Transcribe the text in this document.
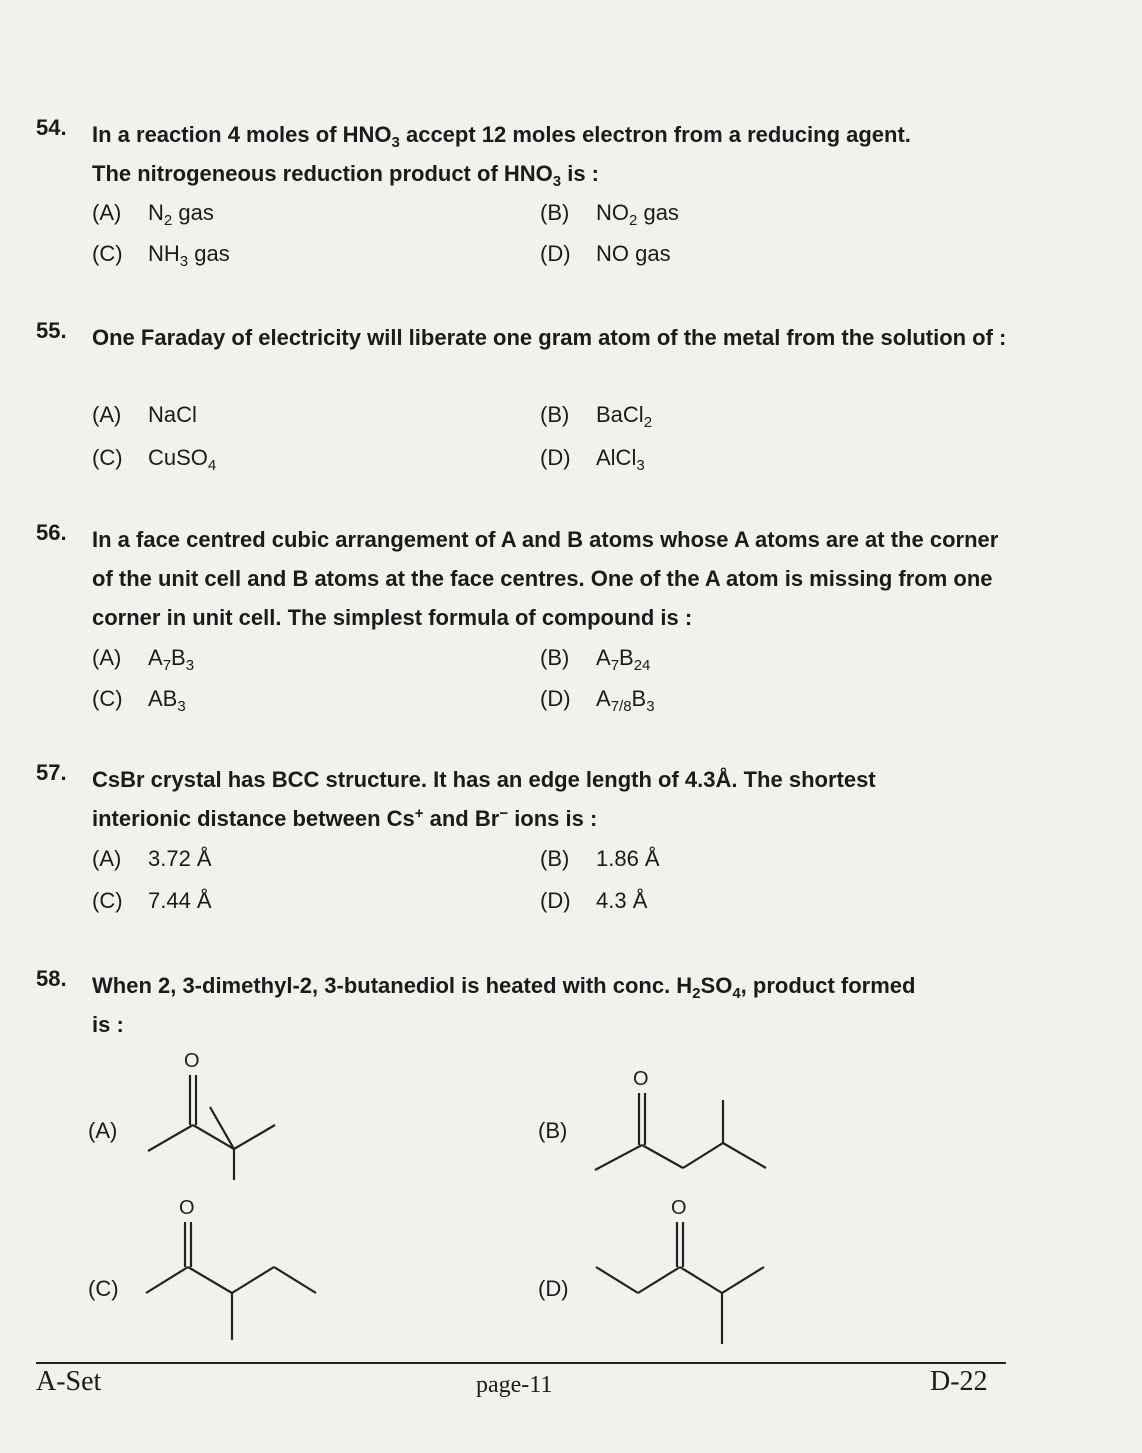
54. In a reaction 4 moles of $HNO_3$ accept 12 moles electron from a reducing agent.
The nitrogeneous reduction product of $HNO_3$ is :
(A) $N_2$ gas	(B) $NO_2$ gas
(C) $NH_3$ gas	(D) NO gas
55. One Faraday of electricity will liberate one gram atom of the metal from the solution of :
(A) NaCl	(B) BaCl$_2$
(C) CuSO$_4$	(D) AlCl$_3$
56. In a face centred cubic arrangement of A and B atoms whose A atoms are at the corner of the unit cell and B atoms at the face centres. One of the A atom is missing from one corner in unit cell. The simplest formula of compound is :
(A) $A_7B_3$	(B) $A_7B_{24}$
(C) $AB_3$	(D) $A_{7/8}B_3$
57. CsBr crystal has BCC structure. It has an edge length of 4.3Å. The shortest
interionic distance between Cs+ and Br− ions is :
(A) 3.72 Å	(B) 1.86 Å
(C) 7.44 Å	(D) 4.3 Å
58. When 2, 3-dimethyl-2, 3-butanediol is heated with conc. $H_2SO_4$, product formed
is :
(A)
O
(B)
O
(C)
O
(D)
O
A-Set	page-11	D-22
